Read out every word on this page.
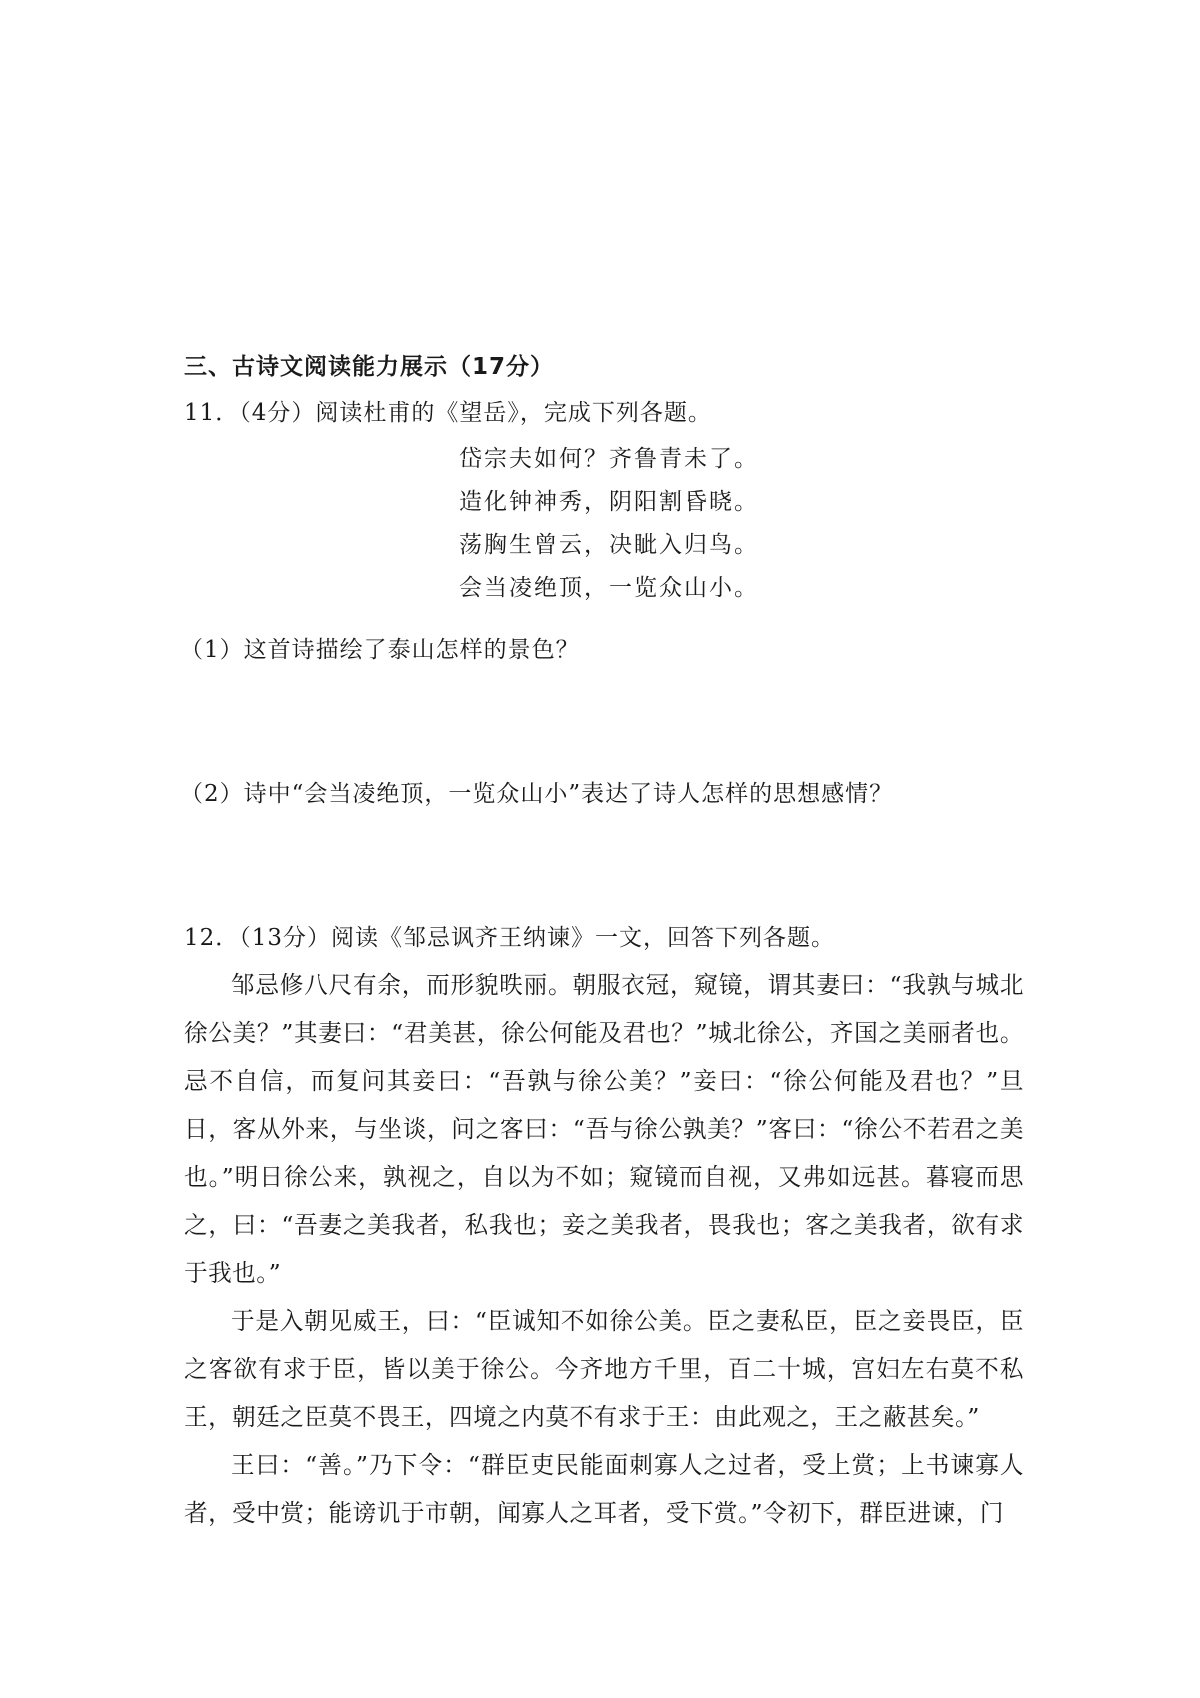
三、古诗文阅读能力展示（17分）

11．（4分）阅读杜甫的《望岳》，完成下列各题。

岱宗夫如何？齐鲁青未了。
造化钟神秀，阴阳割昏晓。
荡胸生曾云，决眦入归鸟。
会当凌绝顶，一览众山小。

（1）这首诗描绘了泰山怎样的景色？

（2）诗中“会当凌绝顶，一览众山小”表达了诗人怎样的思想感情？

12．（13分）阅读《邹忌讽齐王纳谏》一文，回答下列各题。

邹忌修八尺有余，而形貌昳丽。朝服衣冠，窥镜，谓其妻曰：“我孰与城北徐公美？”其妻曰：“君美甚，徐公何能及君也？”城北徐公，齐国之美丽者也。忌不自信，而复问其妾曰：“吾孰与徐公美？”妾曰：“徐公何能及君也？”旦日，客从外来，与坐谈，问之客曰：“吾与徐公孰美？”客曰：“徐公不若君之美也。”明日徐公来，孰视之，自以为不如；窥镜而自视，又弗如远甚。暮寝而思之，曰：“吾妻之美我者，私我也；妾之美我者，畏我也；客之美我者，欲有求于我也。”

于是入朝见威王，曰：“臣诚知不如徐公美。臣之妻私臣，臣之妾畏臣，臣之客欲有求于臣，皆以美于徐公。今齐地方千里，百二十城，宫妇左右莫不私王，朝廷之臣莫不畏王，四境之内莫不有求于王：由此观之，王之蔽甚矣。”

王曰：“善。”乃下令：“群臣吏民能面刺寡人之过者，受上赏；上书谏寡人者，受中赏；能谤讥于市朝，闻寡人之耳者，受下赏。”令初下，群臣进谏，门
